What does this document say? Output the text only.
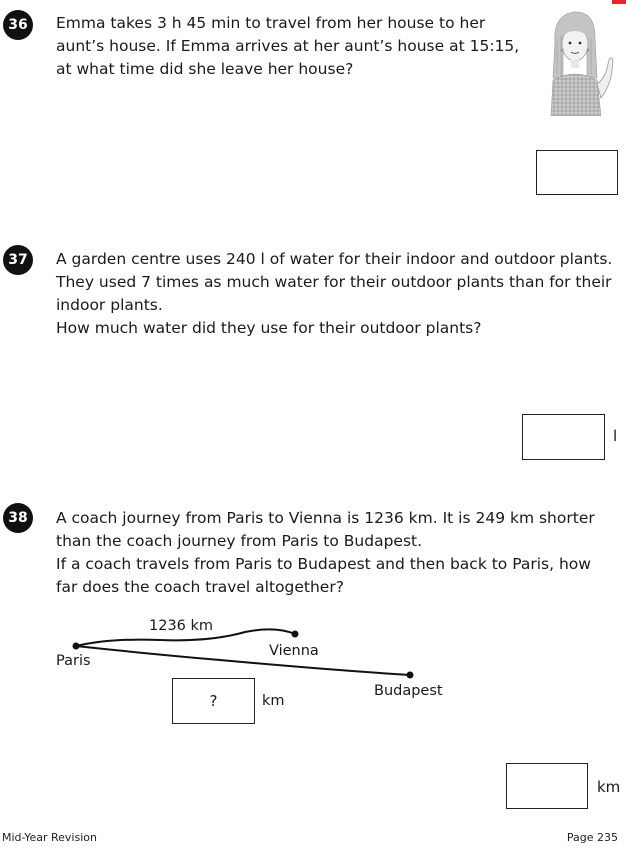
36	Emma takes 3 h 45 min to travel from her house to her
aunt’s house. If Emma arrives at her aunt’s house at 15:15,
at what time did she leave her house?

37	A garden centre uses 240 l of water for their indoor and outdoor plants.
They used 7 times as much water for their outdoor plants than for their
indoor plants.
How much water did they use for their outdoor plants?

l
38	A coach journey from Paris to Vienna is 1236 km. It is 249 km shorter
than the coach journey from Paris to Budapest.
If a coach travels from Paris to Budapest and then back to Paris, how
far does the coach travel altogether?

1236 km
Paris
Vienna
Budapest
?	km
km
Mid-Year Revision	Page 235
